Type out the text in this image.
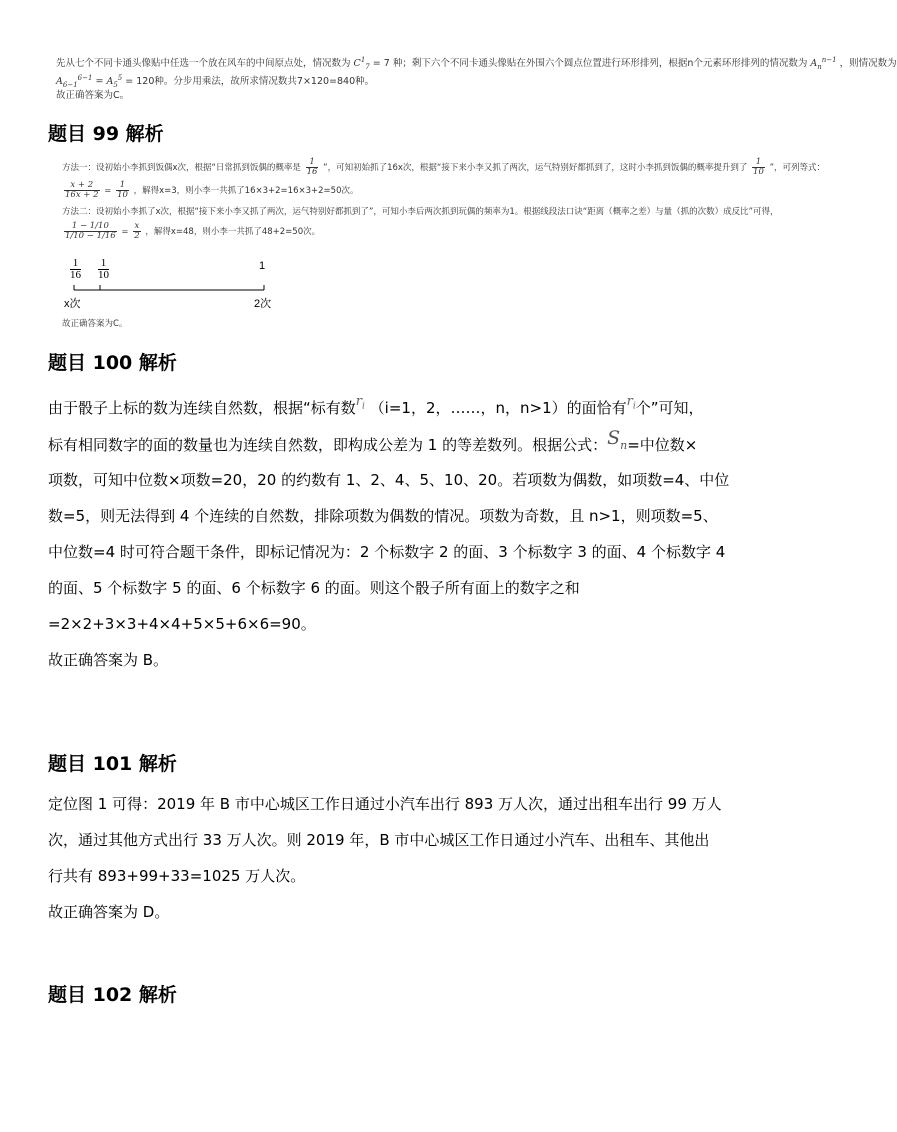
先从七个不同卡通头像贴中任选一个放在风车的中间原点处，情况数为 $C^1_7 = 7$ 种；剩下六个不同卡通头像贴在外围六个圆点位置进行环形排列，根据n个元素环形排列的情况数为 $A_n^{n-1}$ ，则情况数为
$A_{6-1}^{6-1} = A_5^5 = 120$种。分步用乘法，故所求情况数共7×120=840种。
故正确答案为C。
题目 99 解析
方法一：设初始小李抓到饭偶x次，根据“日常抓到饭偶的概率是 $\frac{1}{16}$ ”，可知初始抓了16x次，根据“接下来小李又抓了两次，运气特别好都抓到了，这时小李抓到饭偶的概率提升到了 $\frac{1}{10}$ ”，可列等式：
$\frac{x + 2}{16x + 2} = \frac{1}{10}$ ，解得x=3，则小李一共抓了16×3+2=16×3+2=50次。
方法二：设初始小李抓了x次，根据“接下来小李又抓了两次，运气特别好都抓到了”，可知小李后两次抓到玩偶的频率为1。根据线段法口诀“距离（概率之差）与量（抓的次数）成反比”可得，
$\frac{1 - 1/10}{1/10 - 1/16} = \frac{x}{2}$ ，解得x=48，则小李一共抓了48+2=50次。
$\frac{1}{16} \frac{1}{10}$	1
x次	2次
故正确答案为C。
题目 100 解析
由于骰子上标的数为连续自然数，根据“标有数$r_i$ （i=1，2，……，n，n>1）的面恰有$r_i$个”可知，
标有相同数字的面的数量也为连续自然数，即构成公差为 1 的等差数列。根据公式：$S_n=$中位数×
项数，可知中位数×项数=20，20 的约数有 1、2、4、5、10、20。若项数为偶数，如项数=4、中位
数=5，则无法得到 4 个连续的自然数，排除项数为偶数的情况。项数为奇数，且 n>1，则项数=5、
中位数=4 时可符合题干条件，即标记情况为：2 个标数字 2 的面、3 个标数字 3 的面、4 个标数字 4
的面、5 个标数字 5 的面、6 个标数字 6 的面。则这个骰子所有面上的数字之和
=2×2+3×3+4×4+5×5+6×6=90。
故正确答案为 B。
题目 101 解析
定位图 1 可得：2019 年 B 市中心城区工作日通过小汽车出行 893 万人次，通过出租车出行 99 万人
次，通过其他方式出行 33 万人次。则 2019 年，B 市中心城区工作日通过小汽车、出租车、其他出
行共有 893+99+33=1025 万人次。
故正确答案为 D。
题目 102 解析
